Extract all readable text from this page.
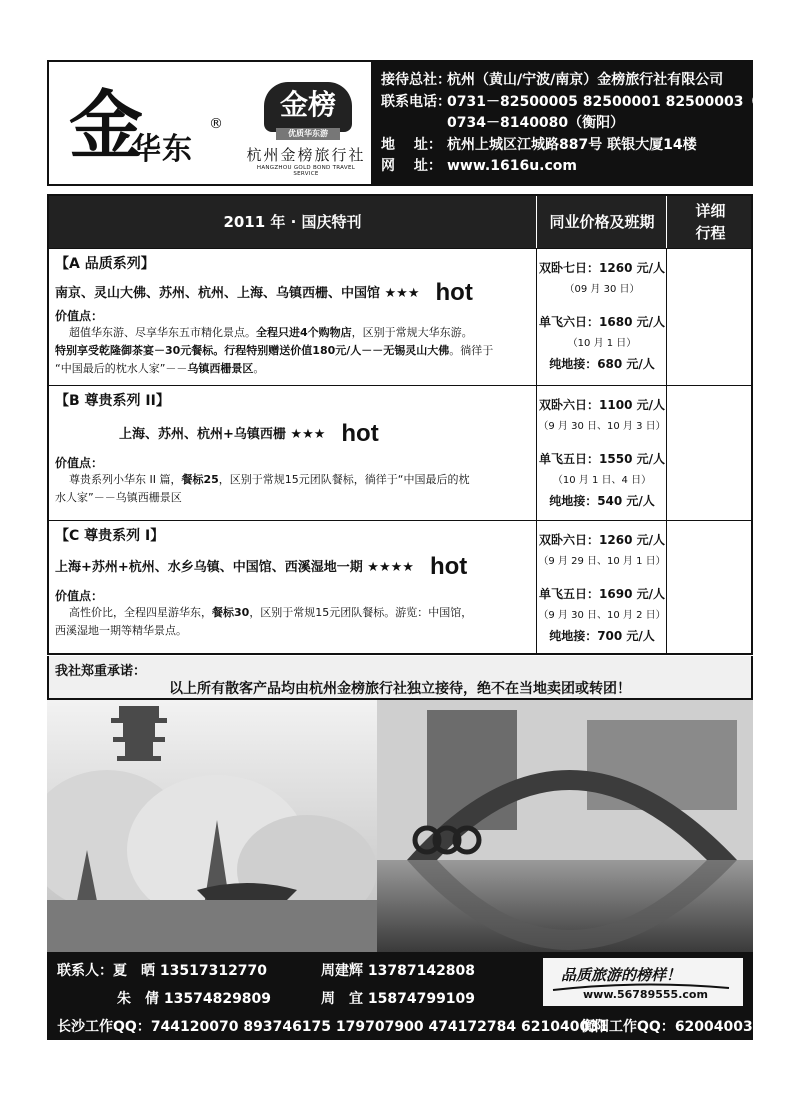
金
华东
®
金榜
优质华东游
杭州金榜旅行社
HANGZHOU GOLD BOND TRAVEL SERVICE
接待总社：杭州（黄山/宁波/南京）金榜旅行社有限公司
联系电话：0731－82500005 82500001 82500003（F）
0734－8140080（衡阳）
地　 址： 杭州上城区江城路887号 联银大厦14楼
网　 址： www.1616u.com
2011 年 · 国庆特刊	同业价格及班期
详细
行程
【A 品质系列】
南京、灵山大佛、苏州、杭州、上海、乌镇西栅、中国馆 ★★★ hot
价值点：
超值华东游、尽享华东五市精化景点。全程只进4个购物店，区别于常规大华东游。
特别享受乾隆御茶宴－30元餐标。行程特别赠送价值180元/人－－无锡灵山大佛。徜徉于
“中国最后的枕水人家”－－乌镇西栅景区。
双卧七日：1260 元/人
（09 月 30 日）
单飞六日：1680 元/人
（10 月 1 日）
纯地接：680 元/人
【B 尊贵系列 II】
上海、苏州、杭州+乌镇西栅 ★★★ hot
价值点：
尊贵系列小华东 II 篇，餐标25，区别于常规15元团队餐标，徜徉于“中国最后的枕
水人家”－－乌镇西栅景区
双卧六日：1100 元/人
（9 月 30 日、10 月 3 日）
单飞五日：1550 元/人
（10 月 1 日、4 日）
纯地接：540 元/人
【C 尊贵系列 I】
上海+苏州+杭州、水乡乌镇、中国馆、西溪湿地一期 ★★★★ hot
价值点：
高性价比，全程四星游华东，餐标30，区别于常规15元团队餐标。游览：中国馆，
西溪湿地一期等精华景点。
双卧六日：1260 元/人
（9 月 29 日、10 月 1 日）
单飞五日：1690 元/人
（9 月 30 日、10 月 2 日）
纯地接：700 元/人
我社郑重承诺：
以上所有散客产品均由杭州金榜旅行社独立接待，绝不在当地卖团或转团！
联系人：夏　晒 13517312770	周建辉 13787142808
朱　倩 13574829809	周　宜 15874799109
长沙工作QQ：744120070 893746175 179707900 474172784 621040031
衡阳工作QQ：620040031
品质旅游的榜样！
www.56789555.com
